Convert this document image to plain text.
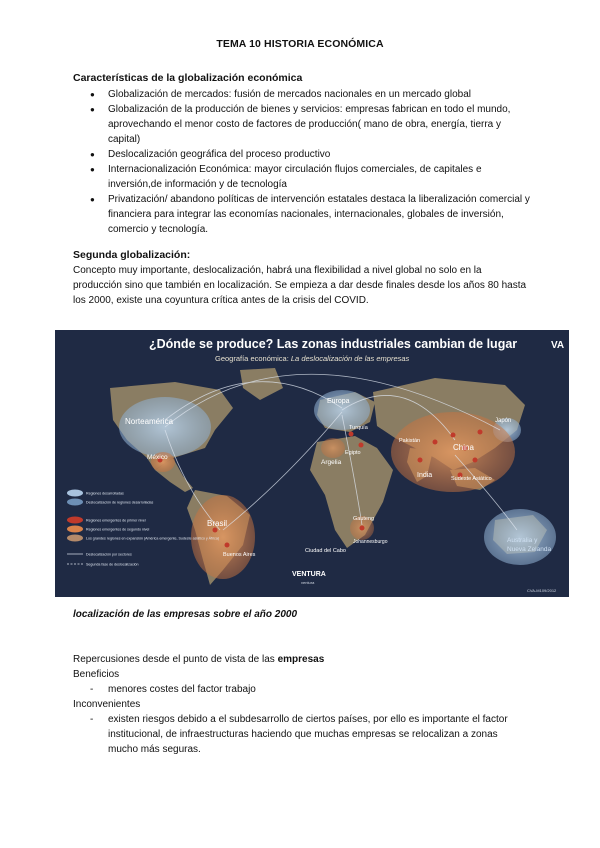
TEMA 10 HISTORIA ECONÓMICA
Características de la globalización económica
● Globalización de mercados: fusión de mercados nacionales en un mercado global
● Globalización de la producción de bienes y servicios: empresas fabrican en todo el mundo, aprovechando el menor costo de factores de producción( mano de obra, energía, tierra y capital)
● Deslocalización geográfica del proceso productivo
● Internacionalización Económica: mayor circulación flujos comerciales, de capitales e inversión,de información y de tecnología
● Privatización/ abandono políticas de intervención estatales destaca la liberalización comercial y financiera para integrar las economías nacionales, internacionales, globales de inversión, comercio y tecnología.
Segunda globalización:
Concepto muy importante, deslocalización, habrá una flexibilidad a nivel global no solo en la producción sino que también en localización. Se empieza a dar desde finales desde los años 80 hasta los 2000, existe una coyuntura crítica antes de la crisis del COVID.
¿Dónde se produce? Las zonas industriales cambian de lugar
Geografía económica: La deslocalización de las empresas
VA
Norteamérica
Europa
México
Brasil
Buenos Aires
Argelia
Egipto
Turquía
India
China
Japón
Pakistán
Sudeste Asiático
Gauteng
Johannesburgo
Ciudad del Cabo
Australia y
Nueva Zelanda
Regiones desarrolladas
Deslocalización de regiones desarrolladas
Regiones emergentes de primer nivel
Regiones emergentes de segundo nivel
Los grandes regiones en expansión (América emergente, Sudeste asiático y África)
Deslocalización por sectores
Segunda fase de deslocalización
VENTURA
ventura
CVA-M109/2012
localización de las empresas sobre el año 2000
Repercusiones desde el punto de vista de las empresas
Beneficios
-	menores costes del factor trabajo
Inconvenientes
-	existen riesgos debido a el subdesarrollo de ciertos países, por ello es importante el factor institucional, de infraestructuras haciendo que muchas empresas se relocalizan a zonas mucho más seguras.
